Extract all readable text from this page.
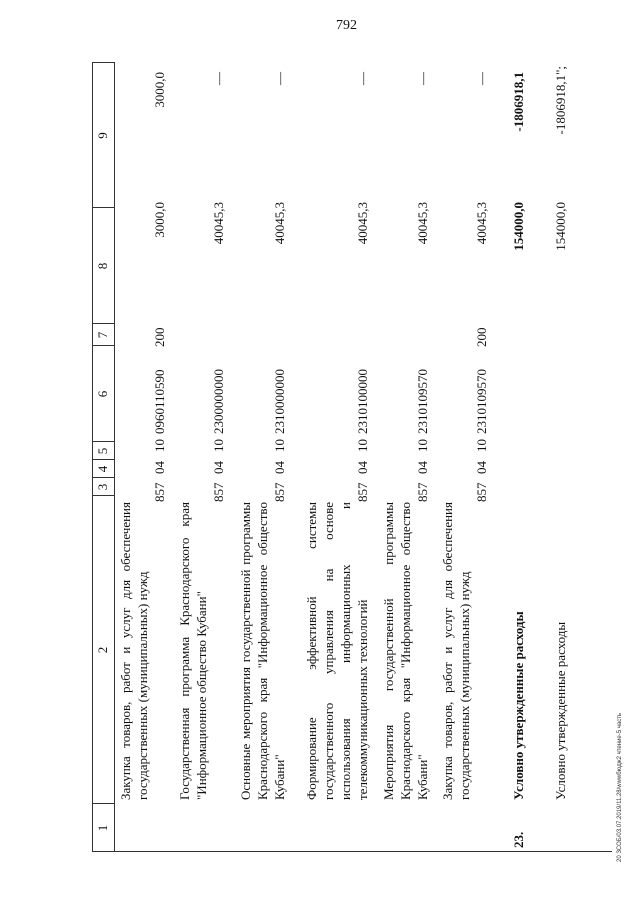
792
1
2
3
4
5
6
7
8
9
Закупка товаров, работ и услуг для обеспечения государственных (муниципальных) нужд
857
04
10
0960110590
200
3000,0
3000,0
Государственная программа Краснодарского края "Информационное общество Кубани"
857
04
10
2300000000
40045,3
—
Основные мероприятия государственной программы Краснодарского края "Информационное общество Кубани"
857
04
10
2310000000
40045,3
—
Формирование эффективной системы государственного управления на основе использования информационных и телекоммуникационных технологий
857
04
10
2310100000
40045,3
—
Мероприятия государственной программы Краснодарского края "Информационное общество Кубани"
857
04
10
2310109570
40045,3
—
Закупка товаров, работ и услуг для обеспечения государственных (муниципальных) нужд
857
04
10
2310109570
200
40045,3
—
23.
Условно утвержденные расходы
154000,0
-1806918,1
Условно утвержденные расходы
154000,0
-1806918,1";
20 ЗСОБ/03.07.2019/11.28/wwwбюдж2 чтение-5 часть
